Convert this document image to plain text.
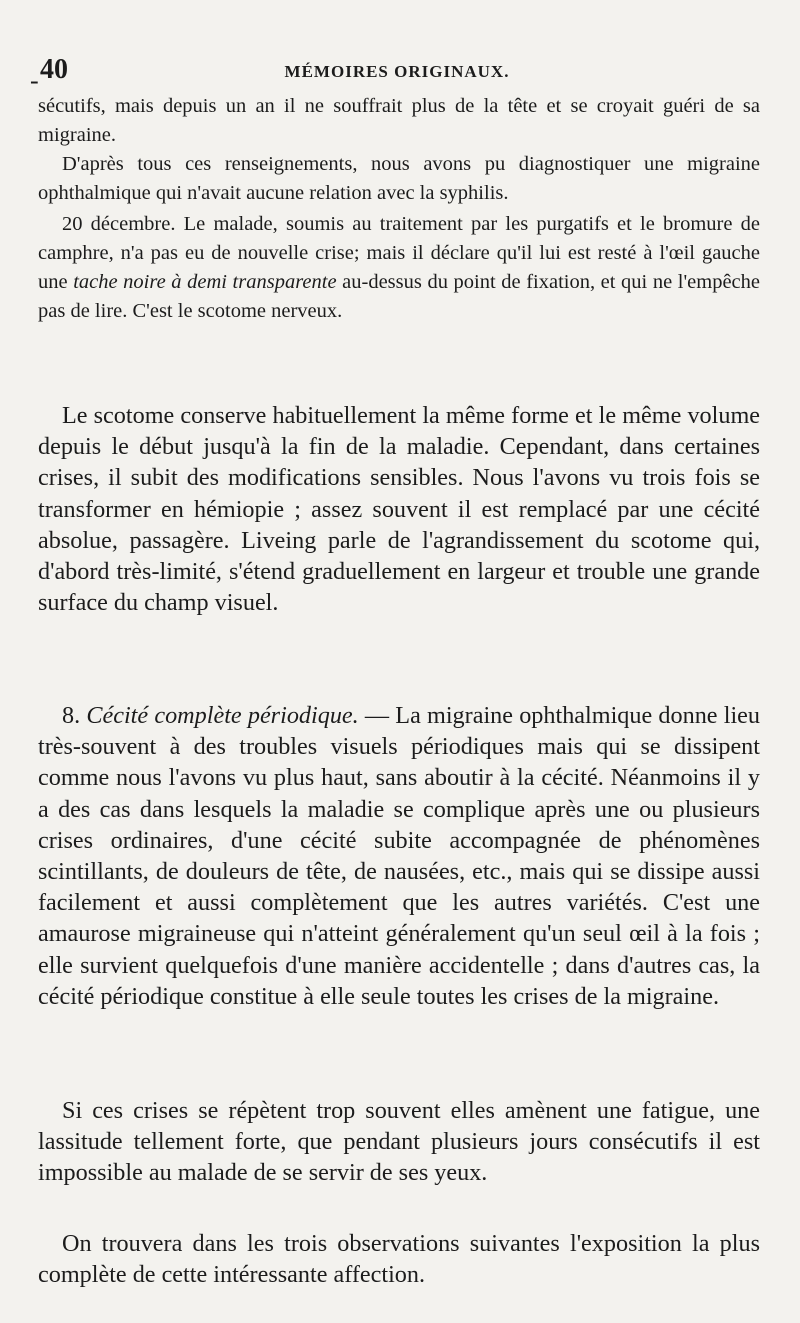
- 40	MÉMOIRES ORIGINAUX.

sécutifs, mais depuis un an il ne souffrait plus de la tête et se croyait guéri de sa migraine.

D'après tous ces renseignements, nous avons pu diagnostiquer une migraine ophthalmique qui n'avait aucune relation avec la syphilis.

20 décembre. Le malade, soumis au traitement par les purgatifs et le bromure de camphre, n'a pas eu de nouvelle crise; mais il déclare qu'il lui est resté à l'œil gauche une tache noire à demi transparente au-dessus du point de fixation, et qui ne l'empêche pas de lire. C'est le scotome nerveux.

Le scotome conserve habituellement la même forme et le même volume depuis le début jusqu'à la fin de la maladie. Cependant, dans certaines crises, il subit des modifications sensibles. Nous l'avons vu trois fois se transformer en hémiopie ; assez souvent il est remplacé par une cécité absolue, passagère. Liveing parle de l'agrandissement du scotome qui, d'abord très-limité, s'étend graduellement en largeur et trouble une grande surface du champ visuel.

8. Cécité complète périodique. — La migraine ophthalmique donne lieu très-souvent à des troubles visuels périodiques mais qui se dissipent comme nous l'avons vu plus haut, sans aboutir à la cécité. Néanmoins il y a des cas dans lesquels la maladie se complique après une ou plusieurs crises ordinaires, d'une cécité subite accompagnée de phénomènes scintillants, de douleurs de tête, de nausées, etc., mais qui se dissipe aussi facilement et aussi complètement que les autres variétés. C'est une amaurose migraineuse qui n'atteint généralement qu'un seul œil à la fois ; elle survient quelquefois d'une manière accidentelle ; dans d'autres cas, la cécité périodique constitue à elle seule toutes les crises de la migraine.

Si ces crises se répètent trop souvent elles amènent une fatigue, une lassitude tellement forte, que pendant plusieurs jours consécutifs il est impossible au malade de se servir de ses yeux.

On trouvera dans les trois observations suivantes l'exposition la plus complète de cette intéressante affection.
